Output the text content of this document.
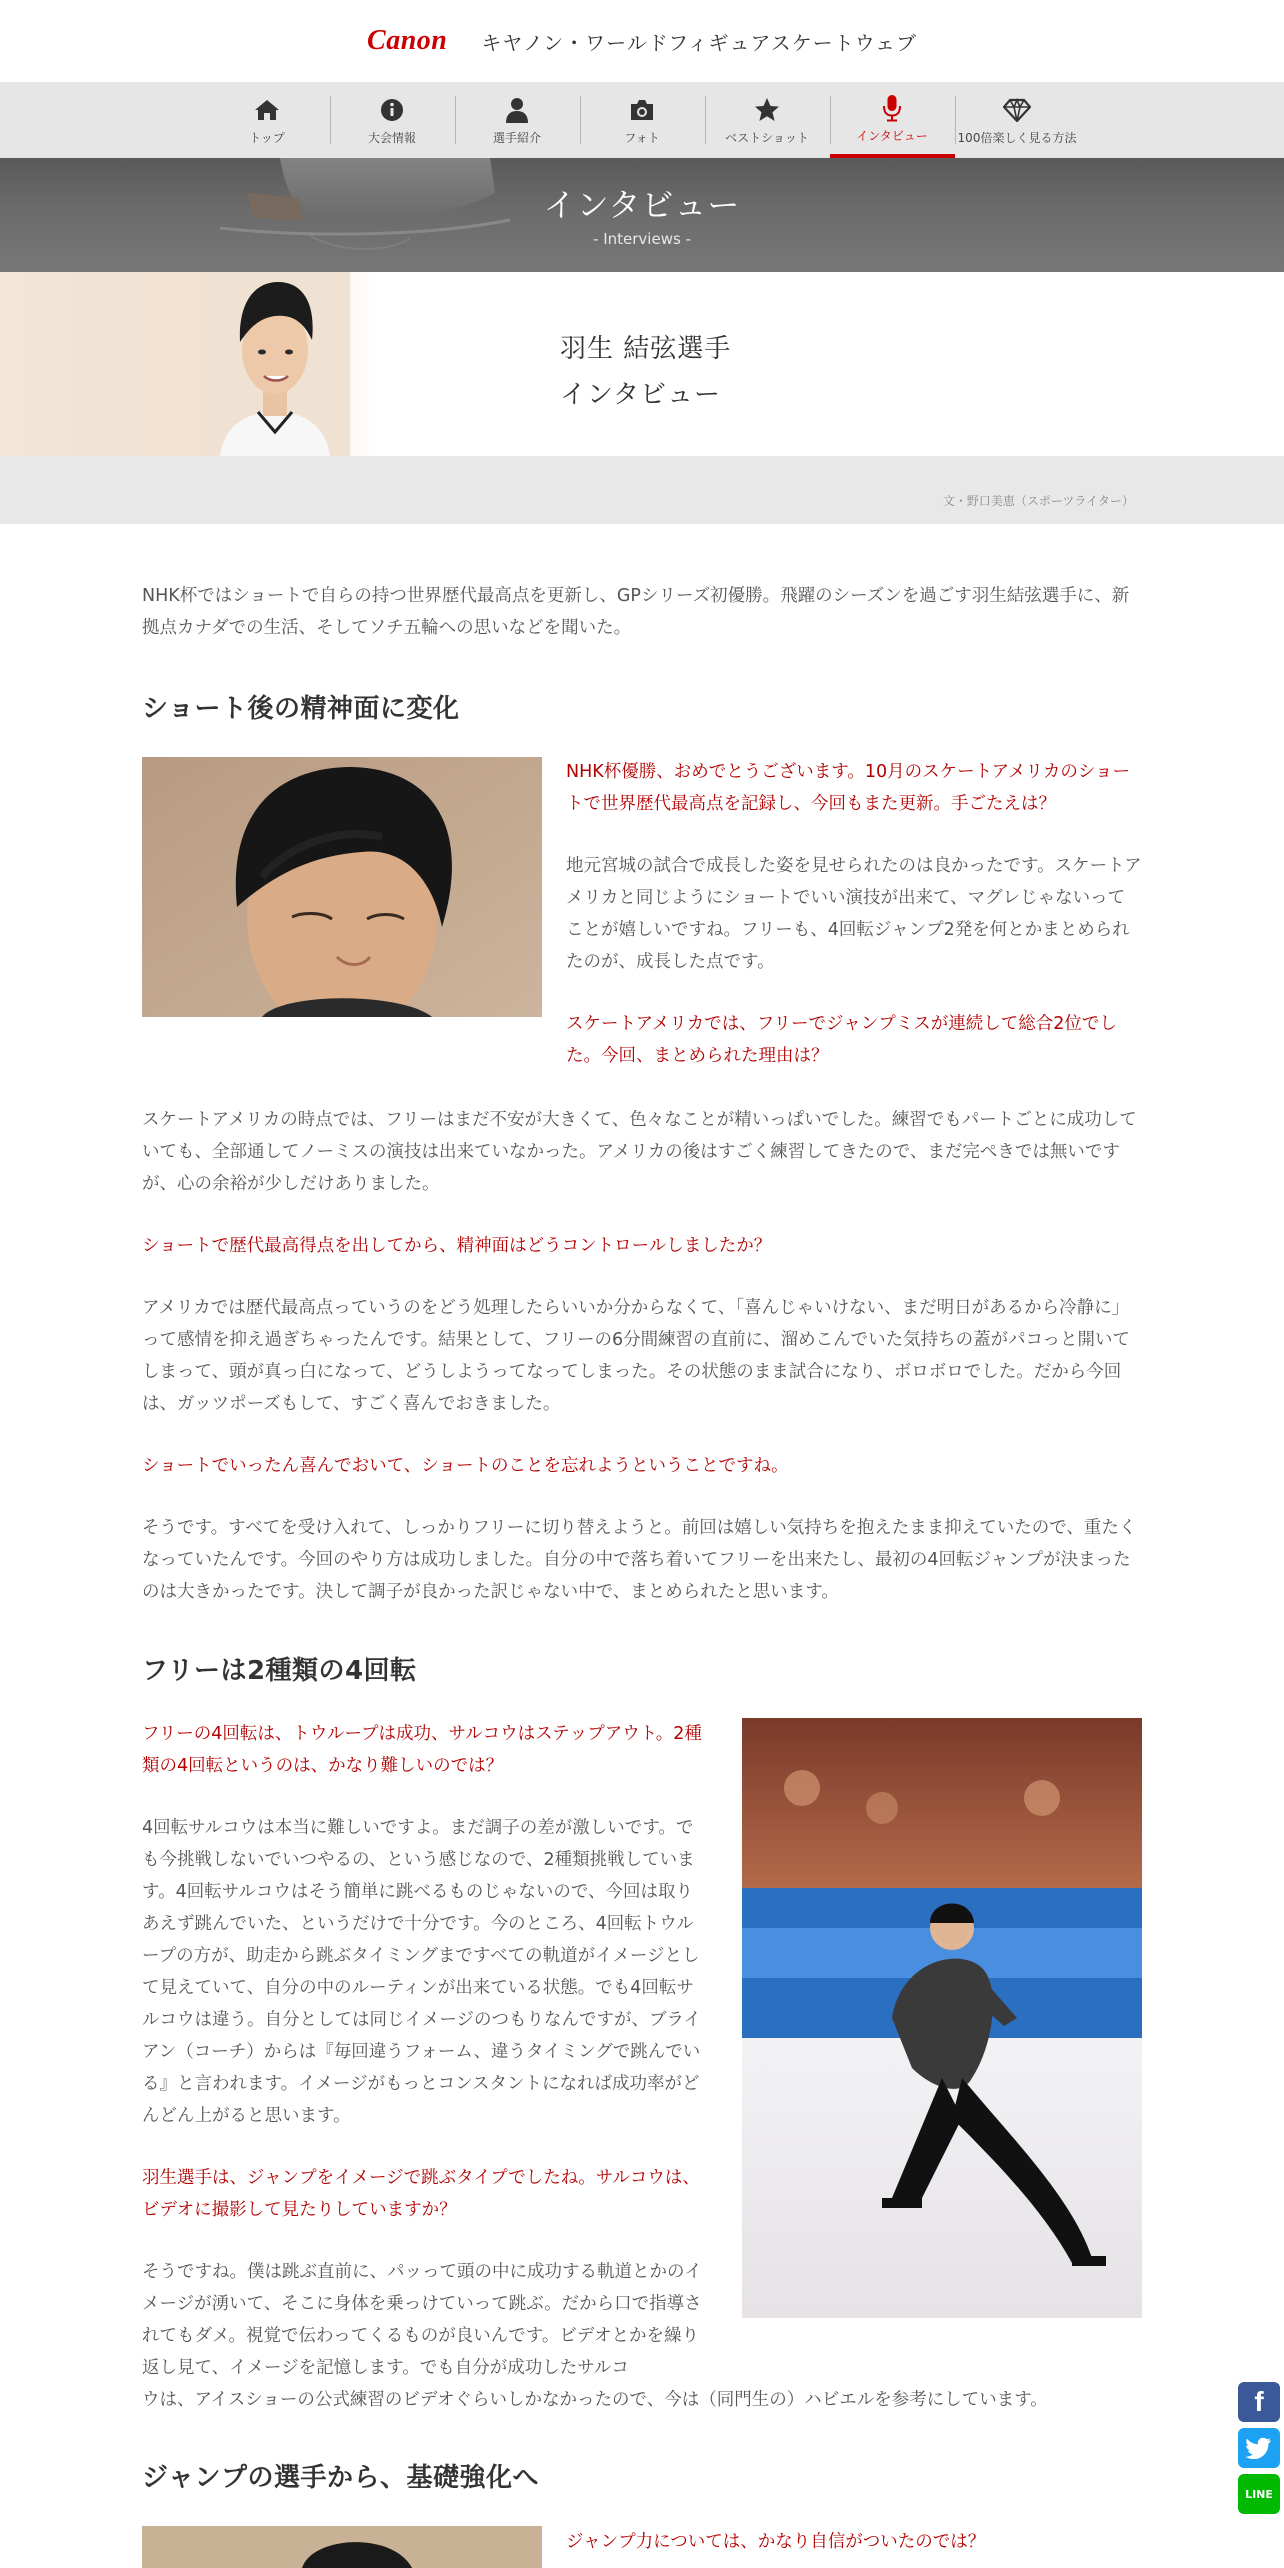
Canon キヤノン・ワールドフィギュアスケートウェブ
トップ	大会情報	選手紹介	フォト	ベストショット	インタビュー 100倍楽しく見る方法
インタビュー
- Interviews -
羽生 結弦選手
インタビュー
文・野口美恵（スポーツライター）

NHK杯ではショートで自らの持つ世界歴代最高点を更新し、GPシリーズ初優勝。飛躍のシーズンを過ごす羽生結弦選手に、新拠点カナダでの生活、そしてソチ五輪への思いなどを聞いた。

ショート後の精神面に変化

NHK杯優勝、おめでとうございます。10月のスケートアメリカのショートで世界歴代最高点を記録し、今回もまた更新。手ごたえは？

地元宮城の試合で成長した姿を見せられたのは良かったです。スケートアメリカと同じようにショートでいい演技が出来て、マグレじゃないってことが嬉しいですね。フリーも、4回転ジャンプ2発を何とかまとめられたのが、成長した点です。

スケートアメリカでは、フリーでジャンプミスが連続して総合2位でした。今回、まとめられた理由は？

スケートアメリカの時点では、フリーはまだ不安が大きくて、色々なことが精いっぱいでした。練習でもパートごとに成功していても、全部通してノーミスの演技は出来ていなかった。アメリカの後はすごく練習してきたので、まだ完ぺきでは無いですが、心の余裕が少しだけありました。

ショートで歴代最高得点を出してから、精神面はどうコントロールしましたか？

アメリカでは歴代最高点っていうのをどう処理したらいいか分からなくて、「喜んじゃいけない、まだ明日があるから冷静に」って感情を抑え過ぎちゃったんです。結果として、フリーの6分間練習の直前に、溜めこんでいた気持ちの蓋がパコっと開いてしまって、頭が真っ白になって、どうしようってなってしまった。その状態のまま試合になり、ボロボロでした。だから今回は、ガッツポーズもして、すごく喜んでおきました。

ショートでいったん喜んでおいて、ショートのことを忘れようということですね。

そうです。すべてを受け入れて、しっかりフリーに切り替えようと。前回は嬉しい気持ちを抱えたまま抑えていたので、重たくなっていたんです。今回のやり方は成功しました。自分の中で落ち着いてフリーを出来たし、最初の4回転ジャンプが決まったのは大きかったです。決して調子が良かった訳じゃない中で、まとめられたと思います。

フリーは2種類の4回転

フリーの4回転は、トウループは成功、サルコウはステップアウト。2種類の4回転というのは、かなり難しいのでは？

4回転サルコウは本当に難しいですよ。まだ調子の差が激しいです。でも今挑戦しないでいつやるの、という感じなので、2種類挑戦しています。4回転サルコウはそう簡単に跳べるものじゃないので、今回は取りあえず跳んでいた、というだけで十分です。今のところ、4回転トウループの方が、助走から跳ぶタイミングまですべての軌道がイメージとして見えていて、自分の中のルーティンが出来ている状態。でも4回転サルコウは違う。自分としては同じイメージのつもりなんですが、ブライアン（コーチ）からは『毎回違うフォーム、違うタイミングで跳んでいる』と言われます。イメージがもっとコンスタントになれば成功率がどんどん上がると思います。

羽生選手は、ジャンプをイメージで跳ぶタイプでしたね。サルコウは、ビデオに撮影して見たりしていますか？

そうですね。僕は跳ぶ直前に、パッって頭の中に成功する軌道とかのイメージが湧いて、そこに身体を乗っけていって跳ぶ。だから口で指導されてもダメ。視覚で伝わってくるものが良いんです。ビデオとかを繰り返し見て、イメージを記憶します。でも自分が成功したサルコ

ウは、アイスショーの公式練習のビデオぐらいしかなかったので、今は（同門生の）ハビエルを参考にしています。

ジャンプの選手から、基礎強化へ

ジャンプ力については、かなり自信がついたのでは？

f
LINE
